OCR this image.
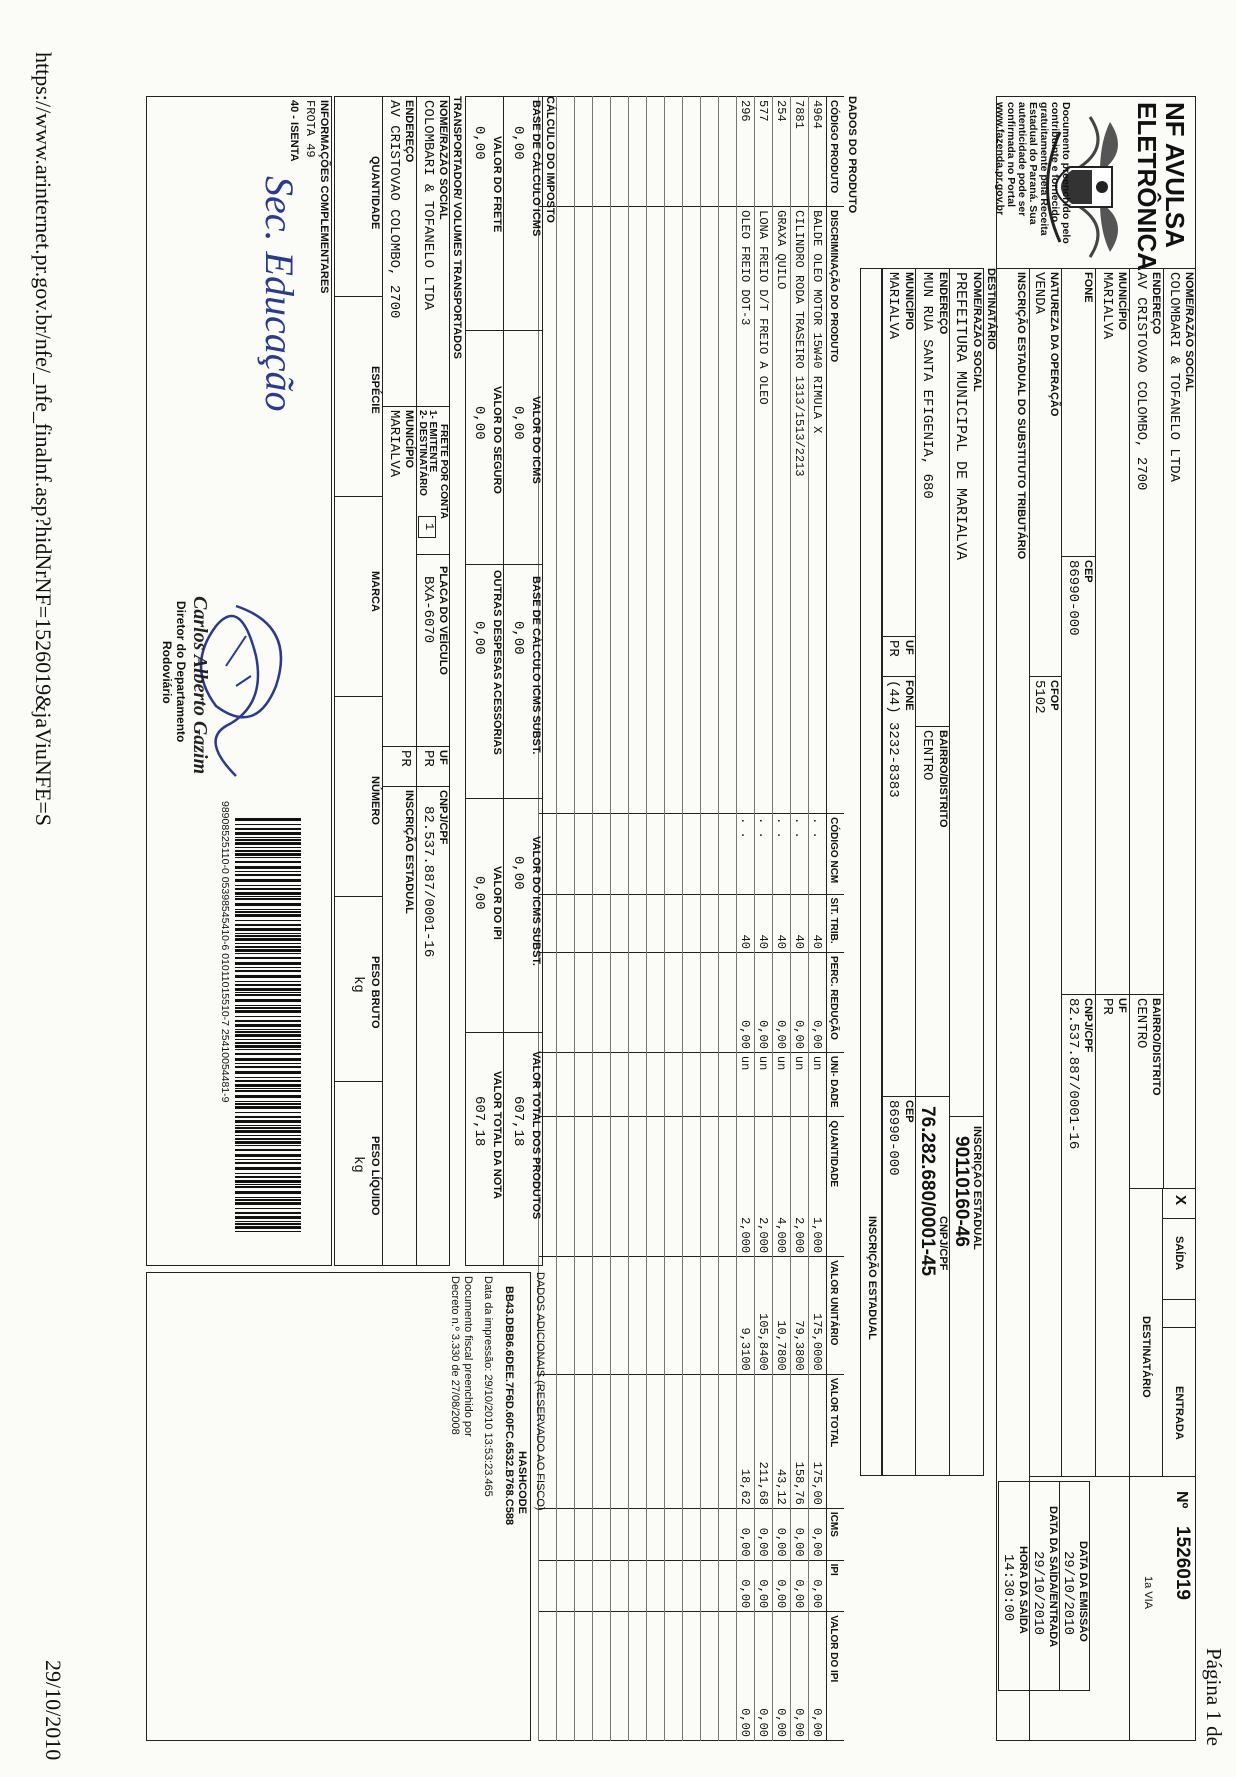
Página 1 de
29/10/2010
https://www.arinternet.pr.gov.br/nfe/_nfe_finalnf.asp?hidNrNF=1526019&jaViuNFE=S	NF AVULSA
ELETRÔNICA
Documento preenchido pelo
contribuinte e fornecido
gratuitamente pela Receita
Estadual do Paraná. Sua
autenticidade pode ser
confirmada no Portal
www.fazenda.pr.gov.br
NOME/RAZÃO SOCIAL
COLOMBARI & TOFANELO LTDA
ENDEREÇO
AV CRISTOVAO COLOMBO, 2700
BAIRRO/DISTRITO
CENTRO
MUNICÍPIO
MARIALVA
UF
PR
FONE
CEP
86990-000
CNPJ/CPF
82.537.887/0001-16
NATUREZA DA OPERAÇÃO
VENDA
CFOP
5102
INSCRIÇÃO ESTADUAL DO SUBSTITUTO TRIBUTÁRIO
X
SAÍDA
ENTRADA
DESTINATÁRIO
Nº
1526019
1a VIA
DATA DA EMISSÃO
29/10/2010
DATA DA SAÍDA/ENTRADA
29/10/2010
HORA DA SAÍDA
14:30:00
DESTINATÁRIO
NOME/RAZÃO SOCIAL
PREFEITURA MUNICIPAL DE MARIALVA
INSCRIÇÃO ESTADUAL
90110160-46
ENDEREÇO
MUN RUA SANTA EFIGENIA, 680
BAIRRO/DISTRITO
CENTRO
CNPJ/CPF
76.282.680/0001-45
MUNICÍPIO
MARIALVA
UF
PR
FONE
(44) 3232-8383
CEP
86990-000
INSCRIÇÃO ESTADUAL
DADOS DO PRODUTO
CÓDIGO PRODUTO	DISCRIMINAÇÃO DO PRODUTO	CÓDIGO NCM	SIT. TRIB.	PERC. REDUÇÃO	UNI- DADE	QUANTIDADE	VALOR UNITÁRIO	VALOR TOTAL	ICMS	IPI	VALOR DO IPI
4964	BALDE OLEO MOTOR 15W40 RIMULA X	. .	40	0,00	un	1,000	175,0000	175,00	0,00	0,00	0,00
7881	CILINDRO RODA TRASEIRO 1313/1513/2213	. .	40	0,00	un	2,000	79,3800	158,76	0,00	0,00	0,00
254	GRAXA QUILO	. .	40	0,00	un	4,000	10,7800	43,12	0,00	0,00	0,00
577	LONA FREIO D/T FREIO A OLEO	. .	40	0,00	un	2,000	105,8400	211,68	0,00	0,00	0,00
296	OLEO FREIO DOT-3	. .	40	0,00	un	2,000	9,3100	18,62	0,00	0,00	0,00

CÁLCULO DO IMPOSTO
BASE DE CÁLCULO ICMS
0,00
VALOR DO ICMS
0,00
BASE DE CÁLCULO ICMS SUBST.
0,00
VALOR DO ICMS SUBST.
0,00
VALOR TOTAL DOS PRODUTOS
607,18
VALOR DO FRETE
0,00
VALOR DO SEGURO
0,00
OUTRAS DESPESAS ACESSÓRIAS
0,00
VALOR DO IPI
0,00
VALOR TOTAL DA NOTA
607,18
TRANSPORTADOR/ VOLUMES TRANSPORTADOS
NOME/RAZÃO SOCIAL
COLOMBARI & TOFANELO LTDA
FRETE POR CONTA
1- EMITENTE
2- DESTINATÁRIO
1
PLACA DO VEÍCULO
BXA-6070
UF
PR
CNPJ/CPF
82.537.887/0001-16
ENDEREÇO
AV CRISTOVAO COLOMBO, 2700
MUNICÍPIO
MARIALVA
PR
INSCRIÇÃO ESTADUAL
QUANTIDADE
ESPÉCIE
MARCA
NÚMERO
PESO BRUTO
kg
PESO LÍQUIDO
kg
INFORMAÇÕES COMPLEMENTARES
FROTA 49
40 - ISENTA
Sec. Educação
Carlos Alberto Gazim
Diretor do Departamento
Rodoviário
98908525110-0 05398545410-6 01011015510-7 25410054481-9
DADOS ADICIONAIS (RESERVADO AO FISCO)
HASHCODE
BB43.DBB6.6DEE.7F6D.60FC.6532.B768.C588
Data da impressão: 29/10/2010 13:53:23.465
Documento fiscal preenchido por
Decreto n.º 3.330 de 27/08/2008
